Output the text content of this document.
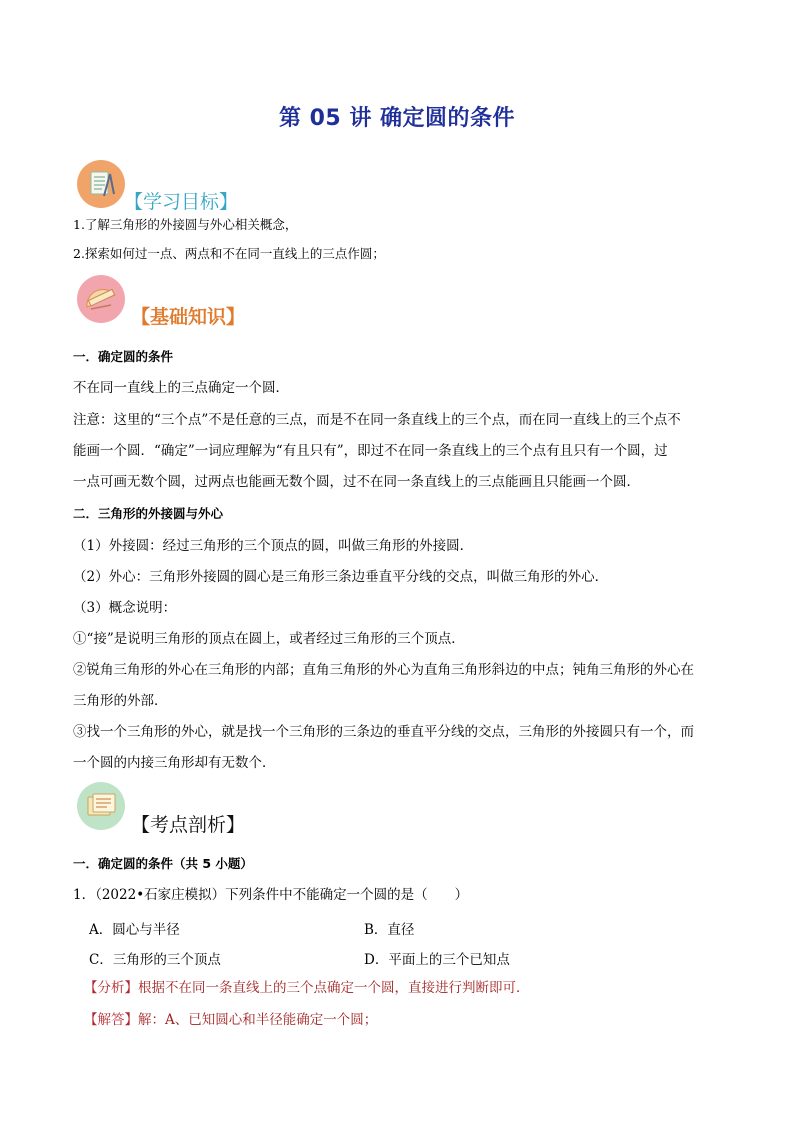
第 05 讲 确定圆的条件
【学习目标】
1.了解三角形的外接圆与外心相关概念，
2.探索如何过一点、两点和不在同一直线上的三点作圆；
【基础知识】
一．确定圆的条件
不在同一直线上的三点确定一个圆．
注意：这里的“三个点”不是任意的三点，而是不在同一条直线上的三个点，而在同一直线上的三个点不
能画一个圆．“确定”一词应理解为“有且只有”，即过不在同一条直线上的三个点有且只有一个圆，过
一点可画无数个圆，过两点也能画无数个圆，过不在同一条直线上的三点能画且只能画一个圆．
二．三角形的外接圆与外心
（1）外接圆：经过三角形的三个顶点的圆，叫做三角形的外接圆．
（2）外心：三角形外接圆的圆心是三角形三条边垂直平分线的交点，叫做三角形的外心．
（3）概念说明：
①“接”是说明三角形的顶点在圆上，或者经过三角形的三个顶点．
②锐角三角形的外心在三角形的内部；直角三角形的外心为直角三角形斜边的中点；钝角三角形的外心在
三角形的外部．
③找一个三角形的外心，就是找一个三角形的三条边的垂直平分线的交点，三角形的外接圆只有一个，而
一个圆的内接三角形却有无数个．
【考点剖析】
一．确定圆的条件（共 5 小题）
1．（2022•石家庄模拟）下列条件中不能确定一个圆的是（　　）
A．圆心与半径	B．直径
C．三角形的三个顶点	D．平面上的三个已知点
【分析】根据不在同一条直线上的三个点确定一个圆，直接进行判断即可．
【解答】解：A、已知圆心和半径能确定一个圆；
